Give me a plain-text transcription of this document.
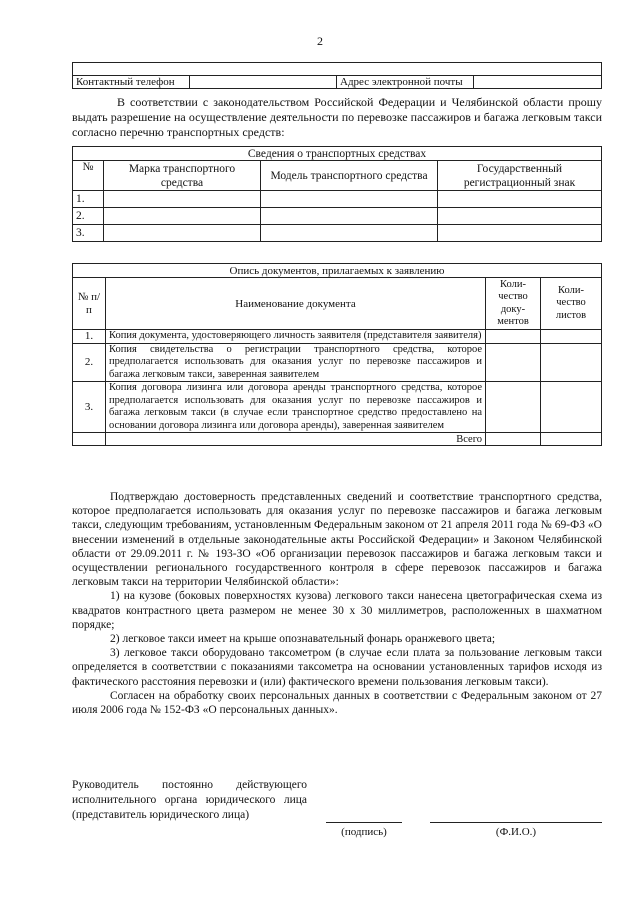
2

Контактный телефон		Адрес электронной почты	

В соответствии с законодательством Российской Федерации и Челябинской области прошу выдать разрешение на осуществление деятельности по перевозке пассажиров и багажа легковым такси согласно перечню транспортных средств:

Сведения о транспортных средствах			
№	Марка транспортного средства	Модель транспортного средства	Государственный регистрационный знак
1.			
2.			
3.			
Опись документов, прилагаемых к заявлению			
№ п/п	Наименование документа	Коли-чество доку-ментов	Коли-чество листов
1.	Копия документа, удостоверяющего личность заявителя (представителя заявителя)		
2.	Копия свидетельства о регистрации транспортного средства, которое предполагается использовать для оказания услуг по перевозке пассажиров и багажа легковым такси, заверенная заявителем		
3.	Копия договора лизинга или договора аренды транспортного средства, которое предполагается использовать для оказания услуг по перевозке пассажиров и багажа легковым такси (в случае если транспортное средство предоставлено на основании договора лизинга или договора аренды), заверенная заявителем		
	Всего		

Подтверждаю достоверность представленных сведений и соответствие транспортного средства, которое предполагается использовать для оказания услуг по перевозке пассажиров и багажа легковым такси, следующим требованиям, установленным Федеральным законом от 21 апреля 2011 года № 69-ФЗ «О внесении изменений в отдельные законодательные акты Российской Федерации» и Законом Челябинской области от 29.09.2011 г. № 193-ЗО «Об организации перевозок пассажиров и багажа легковым такси и осуществлении регионального государственного контроля в сфере перевозок пассажиров и багажа легковым такси на территории Челябинской области»:

1) на кузове (боковых поверхностях кузова) легкового такси нанесена цветографическая схема из квадратов контрастного цвета размером не менее 30 х 30 миллиметров, расположенных в шахматном порядке;

2) легковое такси имеет на крыше опознавательный фонарь оранжевого цвета;

3) легковое такси оборудовано таксометром (в случае если плата за пользование легковым такси определяется в соответствии с показаниями таксометра на основании установленных тарифов исходя из фактического расстояния перевозки и (или) фактического времени пользования легковым такси).

Согласен на обработку своих персональных данных в соответствии с Федеральным законом от 27 июля 2006 года № 152-ФЗ «О персональных данных».

Руководитель постоянно действующего исполнительного органа юридического лица (представитель юридического лица)

(подпись)	(Ф.И.О.)
